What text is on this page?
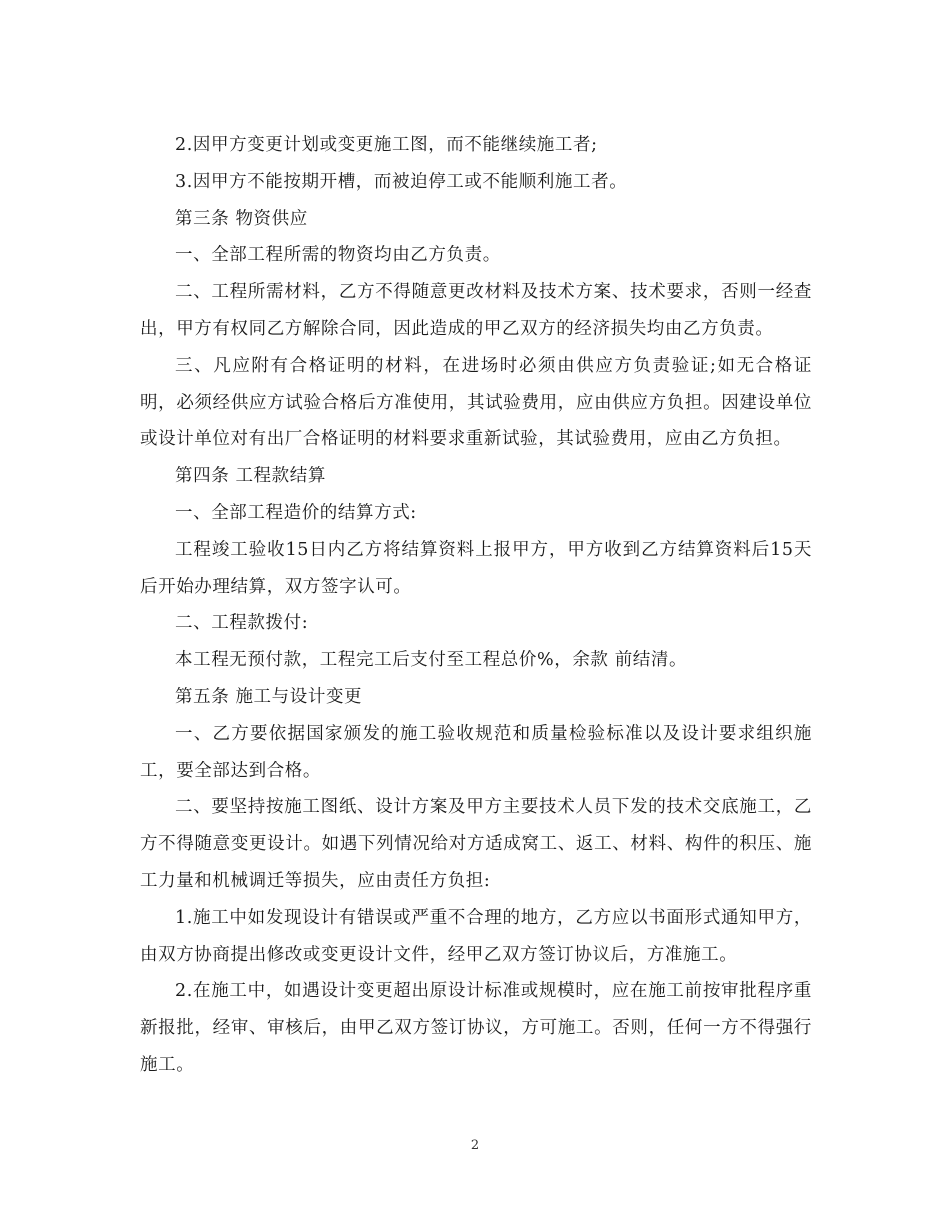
2.因甲方变更计划或变更施工图，而不能继续施工者;

3.因甲方不能按期开槽，而被迫停工或不能顺利施工者。

第三条 物资供应

一、全部工程所需的物资均由乙方负责。

二、工程所需材料，乙方不得随意更改材料及技术方案、技术要求，否则一经查出，甲方有权同乙方解除合同，因此造成的甲乙双方的经济损失均由乙方负责。

三、凡应附有合格证明的材料，在进场时必须由供应方负责验证;如无合格证明，必须经供应方试验合格后方准使用，其试验费用，应由供应方负担。因建设单位或设计单位对有出厂合格证明的材料要求重新试验，其试验费用，应由乙方负担。

第四条 工程款结算

一、全部工程造价的结算方式:

工程竣工验收15日内乙方将结算资料上报甲方，甲方收到乙方结算资料后15天后开始办理结算，双方签字认可。

二、工程款拨付:

本工程无预付款，工程完工后支付至工程总价%，余款 前结清。

第五条 施工与设计变更

一、乙方要依据国家颁发的施工验收规范和质量检验标准以及设计要求组织施工，要全部达到合格。

二、要坚持按施工图纸、设计方案及甲方主要技术人员下发的技术交底施工，乙方不得随意变更设计。如遇下列情况给对方适成窝工、返工、材料、构件的积压、施工力量和机械调迁等损失，应由责任方负担:

1.施工中如发现设计有错误或严重不合理的地方，乙方应以书面形式通知甲方，由双方协商提出修改或变更设计文件，经甲乙双方签订协议后，方准施工。

2.在施工中，如遇设计变更超出原设计标准或规模时，应在施工前按审批程序重新报批，经审、审核后，由甲乙双方签订协议，方可施工。否则，任何一方不得强行施工。

2
